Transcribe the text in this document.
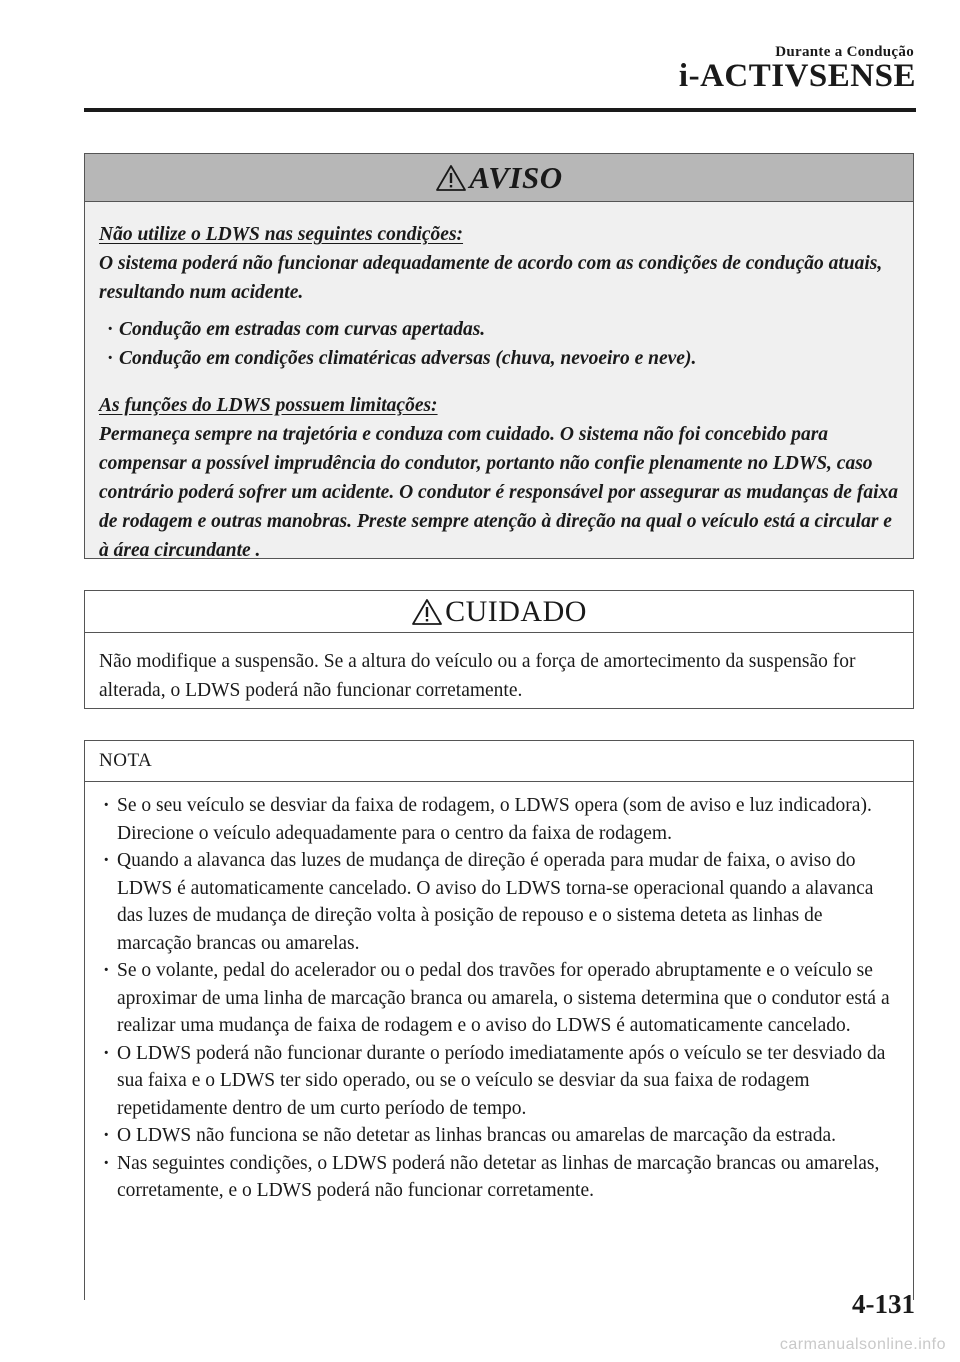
Durante a Condução
i-ACTIVSENSE
AVISO

Não utilize o LDWS nas seguintes condições:

O sistema poderá não funcionar adequadamente de acordo com as condições de condução atuais, resultando num acidente.

· Condução em estradas com curvas apertadas.
· Condução em condições climatéricas adversas (chuva, nevoeiro e neve).

As funções do LDWS possuem limitações:

Permaneça sempre na trajetória e conduza com cuidado. O sistema não foi concebido para compensar a possível imprudência do condutor, portanto não confie plenamente no LDWS, caso contrário poderá sofrer um acidente. O condutor é responsável por assegurar as mudanças de faixa de rodagem e outras manobras. Preste sempre atenção à direção na qual o veículo está a circular e à área circundante .

CUIDADO

Não modifique a suspensão. Se a altura do veículo ou a força de amortecimento da suspensão for alterada, o LDWS poderá não funcionar corretamente.

NOTA
· Se o seu veículo se desviar da faixa de rodagem, o LDWS opera (som de aviso e luz indicadora). Direcione o veículo adequadamente para o centro da faixa de rodagem.
· Quando a alavanca das luzes de mudança de direção é operada para mudar de faixa, o aviso do LDWS é automaticamente cancelado. O aviso do LDWS torna-se operacional quando a alavanca das luzes de mudança de direção volta à posição de repouso e o sistema deteta as linhas de marcação brancas ou amarelas.
· Se o volante, pedal do acelerador ou o pedal dos travões for operado abruptamente e o veículo se aproximar de uma linha de marcação branca ou amarela, o sistema determina que o condutor está a realizar uma mudança de faixa de rodagem e o aviso do LDWS é automaticamente cancelado.
· O LDWS poderá não funcionar durante o período imediatamente após o veículo se ter desviado da sua faixa e o LDWS ter sido operado, ou se o veículo se desviar da sua faixa de rodagem repetidamente dentro de um curto período de tempo.
· O LDWS não funciona se não detetar as linhas brancas ou amarelas de marcação da estrada.
· Nas seguintes condições, o LDWS poderá não detetar as linhas de marcação brancas ou amarelas, corretamente, e o LDWS poderá não funcionar corretamente.
4-131
carmanualsonline.info
